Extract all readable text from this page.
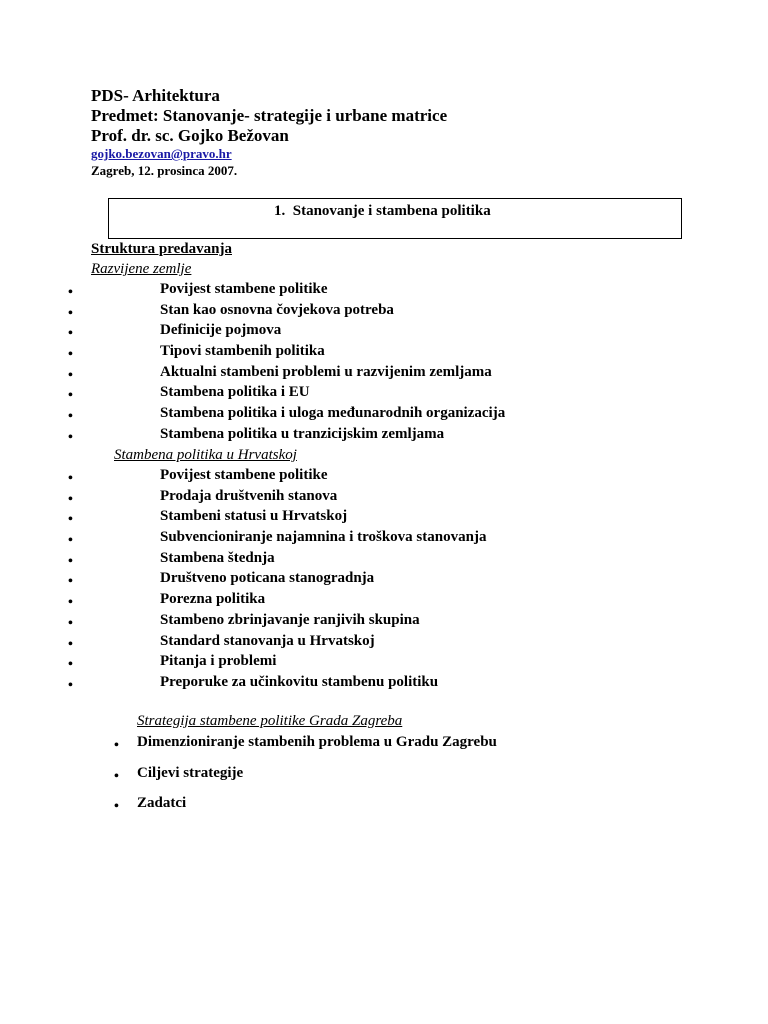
PDS- Arhitektura
Predmet: Stanovanje- strategije i urbane matrice
Prof. dr. sc. Gojko Bežovan
gojko.bezovan@pravo.hr
Zagreb, 12. prosinca 2007.
1. Stanovanje i stambena politika
Struktura predavanja
Razvijene zemlje
•	Povijest stambene politike
•	Stan kao osnovna čovjekova potreba
•	Definicije pojmova
•	Tipovi stambenih politika
•	Aktualni stambeni problemi u razvijenim zemljama
•	Stambena politika i EU
•	Stambena politika i uloga međunarodnih organizacija
•	Stambena politika u tranzicijskim zemljama
Stambena politika u Hrvatskoj
•	Povijest stambene politike
•	Prodaja društvenih stanova
•	Stambeni statusi u Hrvatskoj
•	Subvencioniranje najamnina i troškova stanovanja
•	Stambena štednja
•	Društveno poticana stanogradnja
•	Porezna politika
•	Stambeno zbrinjavanje ranjivih skupina
•	Standard stanovanja u Hrvatskoj
•	Pitanja i problemi
•	Preporuke za učinkovitu stambenu politiku
Strategija stambene politike Grada Zagreba
• Dimenzioniranje stambenih problema u Gradu Zagrebu
• Ciljevi strategije
• Zadatci
